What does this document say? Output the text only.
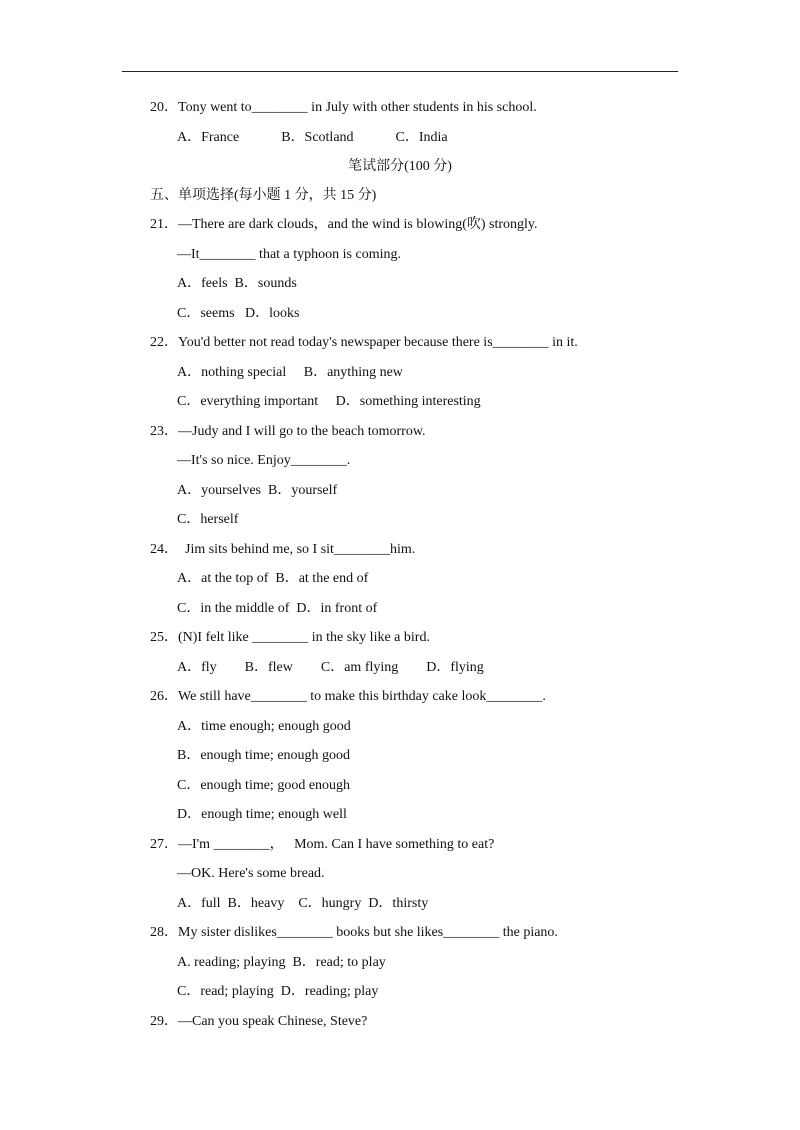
20．Tony went to________ in July with other students in his school.
A．France            B．Scotland            C．India
笔试部分(100 分)
五、单项选择(每小题 1 分，共 15 分)
21．—There are dark clouds，and the wind is blowing(吹) strongly.
—It________ that a typhoon is coming.
A．feels  B．sounds
C．seems   D．looks
22．You'd better not read today's newspaper because there is________ in it.
A．nothing special     B．anything new
C．everything important     D．something interesting
23．—Judy and I will go to the beach tomorrow.
—It's so nice. Enjoy________.
A．yourselves  B．yourself
C．herself
24．  Jim sits behind me, so I sit________him.
A．at the top of  B．at the end of
C．in the middle of  D．in front of
25．(N)I felt like ________ in the sky like a bird.
A．fly        B．flew        C．am flying        D．flying
26．We still have________ to make this birthday cake look________.
A．time enough; enough good
B．enough time; enough good
C．enough time; good enough
D．enough time; enough well
27．—I'm ________，   Mom. Can I have something to eat?
—OK. Here's some bread.
A．full  B．heavy    C．hungry  D．thirsty
28．My sister dislikes________ books but she likes________ the piano.
A. reading; playing  B．read; to play
C．read; playing  D．reading; play
29．—Can you speak Chinese, Steve?
